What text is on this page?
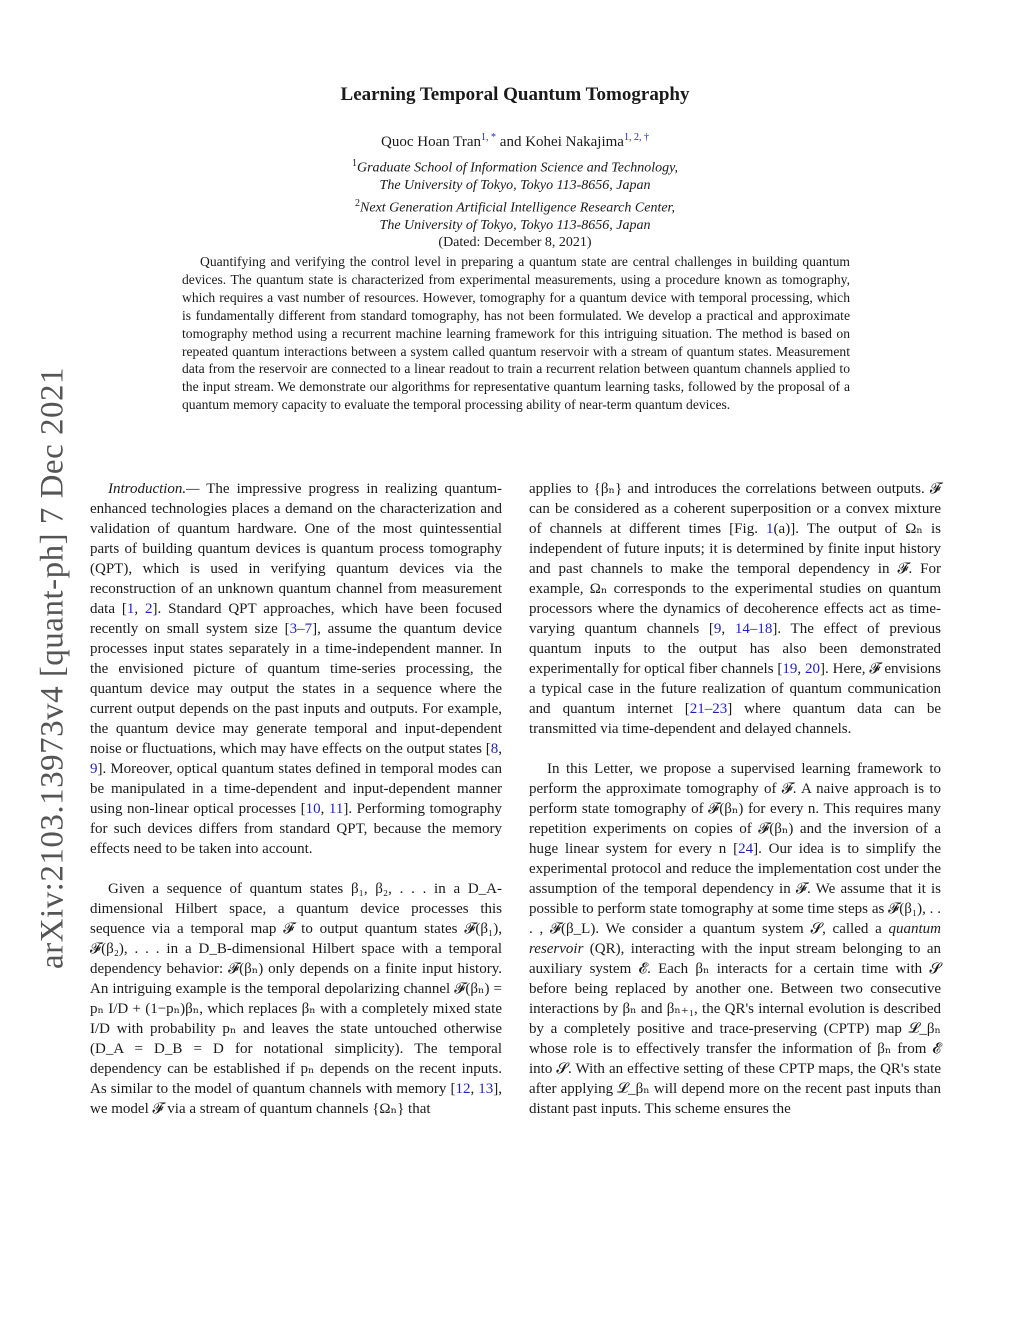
arXiv:2103.13973v4 [quant-ph] 7 Dec 2021
Learning Temporal Quantum Tomography
Quoc Hoan Tran$^{1, *}$ and Kohei Nakajima$^{1, 2, \dagger}$
$^1$Graduate School of Information Science and Technology,
The University of Tokyo, Tokyo 113-8656, Japan
$^2$Next Generation Artificial Intelligence Research Center,
The University of Tokyo, Tokyo 113-8656, Japan
(Dated: December 8, 2021)
Quantifying and verifying the control level in preparing a quantum state are central challenges in building quantum devices. The quantum state is characterized from experimental measurements, using a procedure known as tomography, which requires a vast number of resources. However, tomography for a quantum device with temporal processing, which is fundamentally different from standard tomography, has not been formulated. We develop a practical and approximate tomography method using a recurrent machine learning framework for this intriguing situation. The method is based on repeated quantum interactions between a system called quantum reservoir with a stream of quantum states. Measurement data from the reservoir are connected to a linear readout to train a recurrent relation between quantum channels applied to the input stream. We demonstrate our algorithms for representative quantum learning tasks, followed by the proposal of a quantum memory capacity to evaluate the temporal processing ability of near-term quantum devices.

Introduction.— The impressive progress in realizing quantum-enhanced technologies places a demand on the characterization and validation of quantum hardware. One of the most quintessential parts of building quantum devices is quantum process tomography (QPT), which is used in verifying quantum devices via the reconstruction of an unknown quantum channel from measurement data [1, 2]. Standard QPT approaches, which have been focused recently on small system size [3–7], assume the quantum device processes input states separately in a time-independent manner. In the envisioned picture of quantum time-series processing, the quantum device may output the states in a sequence where the current output depends on the past inputs and outputs. For example, the quantum device may generate temporal and input-dependent noise or fluctuations, which may have effects on the output states [8, 9]. Moreover, optical quantum states defined in temporal modes can be manipulated in a time-dependent and input-dependent manner using non-linear optical processes [10, 11]. Performing tomography for such devices differs from standard QPT, because the memory effects need to be taken into account.

Given a sequence of quantum states β₁, β₂, . . . in a D_A-dimensional Hilbert space, a quantum device processes this sequence via a temporal map 𝓕 to output quantum states 𝓕(β₁), 𝓕(β₂), . . . in a D_B-dimensional Hilbert space with a temporal dependency behavior: 𝓕(βₙ) only depends on a finite input history. An intriguing example is the temporal depolarizing channel 𝓕(βₙ) = pₙ I/D + (1−pₙ)βₙ, which replaces βₙ with a completely mixed state I/D with probability pₙ and leaves the state untouched otherwise (D_A = D_B = D for notational simplicity). The temporal dependency can be established if pₙ depends on the recent inputs. As similar to the model of quantum channels with memory [12, 13], we model 𝓕 via a stream of quantum channels {Ωₙ} that

applies to {βₙ} and introduces the correlations between outputs. 𝓕 can be considered as a coherent superposition or a convex mixture of channels at different times [Fig. 1(a)]. The output of Ωₙ is independent of future inputs; it is determined by finite input history and past channels to make the temporal dependency in 𝓕. For example, Ωₙ corresponds to the experimental studies on quantum processors where the dynamics of decoherence effects act as time-varying quantum channels [9, 14–18]. The effect of previous quantum inputs to the output has also been demonstrated experimentally for optical fiber channels [19, 20]. Here, 𝓕 envisions a typical case in the future realization of quantum communication and quantum internet [21–23] where quantum data can be transmitted via time-dependent and delayed channels.

In this Letter, we propose a supervised learning framework to perform the approximate tomography of 𝓕. A naive approach is to perform state tomography of 𝓕(βₙ) for every n. This requires many repetition experiments on copies of 𝓕(βₙ) and the inversion of a huge linear system for every n [24]. Our idea is to simplify the experimental protocol and reduce the implementation cost under the assumption of the temporal dependency in 𝓕. We assume that it is possible to perform state tomography at some time steps as 𝓕(β₁), . . . , 𝓕(β_L). We consider a quantum system 𝓢, called a quantum reservoir (QR), interacting with the input stream belonging to an auxiliary system 𝓔. Each βₙ interacts for a certain time with 𝓢 before being replaced by another one. Between two consecutive interactions by βₙ and βₙ₊₁, the QR's internal evolution is described by a completely positive and trace-preserving (CPTP) map 𝓛_βₙ whose role is to effectively transfer the information of βₙ from 𝓔 into 𝓢. With an effective setting of these CPTP maps, the QR's state after applying 𝓛_βₙ will depend more on the recent past inputs than distant past inputs. This scheme ensures the
